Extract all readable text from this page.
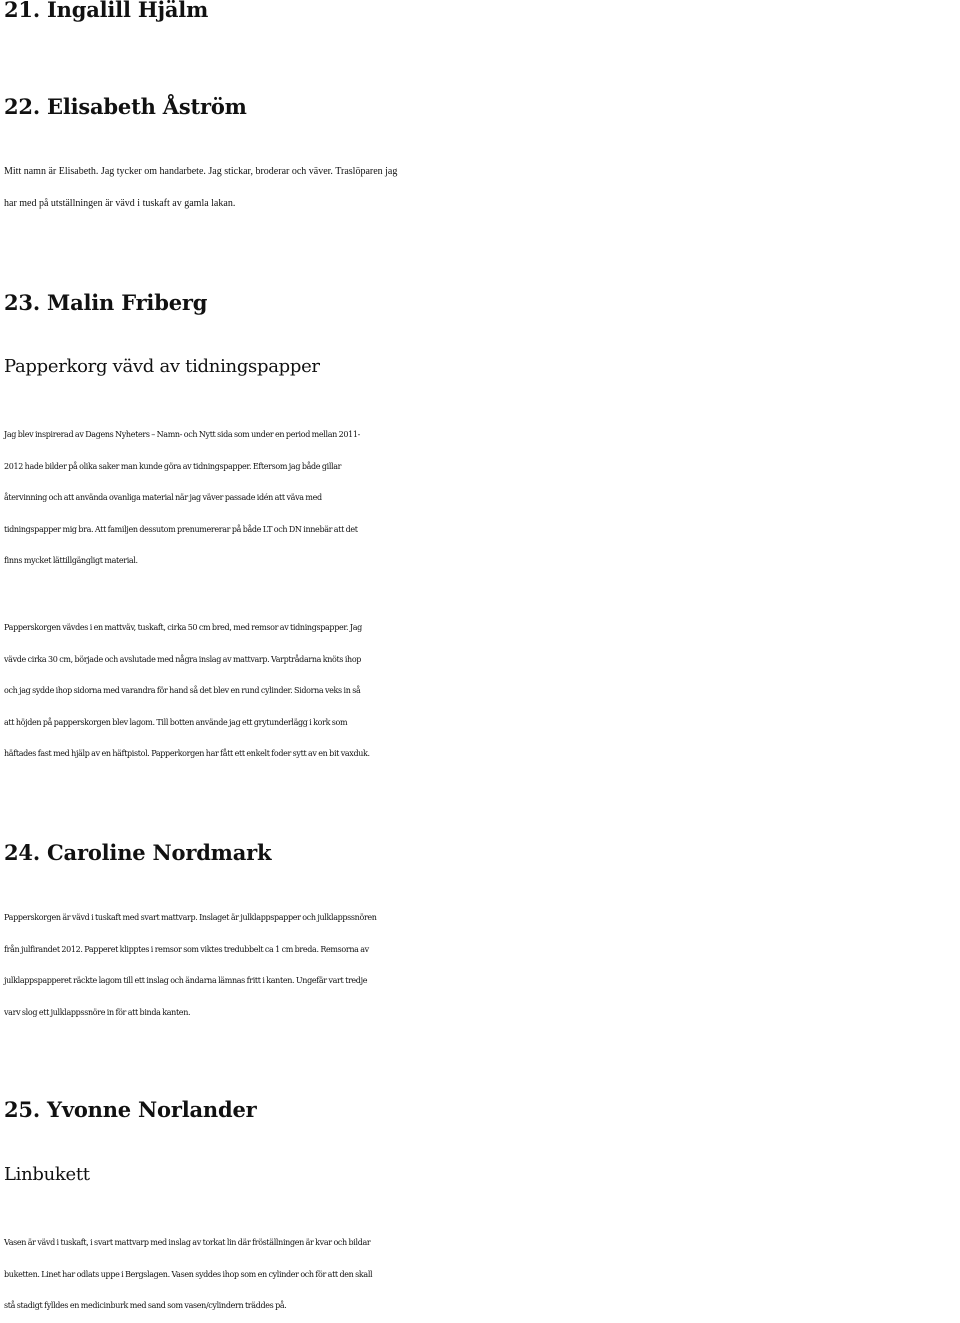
21. Ingalill Hjälm
22. Elisabeth Åström

Mitt namn är Elisabeth. Jag tycker om handarbete. Jag stickar, broderar och väver. Traslöparen jag
har med på utställningen är vävd i tuskaft av gamla lakan.

23. Malin Friberg

Papperkorg vävd av tidningspapper

Jag blev inspirerad av Dagens Nyheters – Namn- och Nytt sida som under en period mellan 2011-
2012 hade bilder på olika saker man kunde göra av tidningspapper. Eftersom jag både gillar
återvinning och att använda ovanliga material när jag väver passade idén att väva med
tidningspapper mig bra. Att familjen dessutom prenumererar på både LT och DN innebär att det
finns mycket lättillgängligt material.

Papperskorgen vävdes i en mattväv, tuskaft, cirka 50 cm bred, med remsor av tidningspapper. Jag
vävde cirka 30 cm, började och avslutade med några inslag av mattvarp. Varptrådarna knöts ihop
och jag sydde ihop sidorna med varandra för hand så det blev en rund cylinder. Sidorna veks in så
att höjden på papperskorgen blev lagom. Till botten använde jag ett grytunderlägg i kork som
häftades fast med hjälp av en häftpistol. Papperkorgen har fått ett enkelt foder sytt av en bit vaxduk.

24. Caroline Nordmark

Papperskorgen är vävd i tuskaft med svart mattvarp. Inslaget är julklappspapper och julklappssnören
från julfirandet 2012. Papperet klipptes i remsor som viktes tredubbelt ca 1 cm breda. Remsorna av
julklappspapperet räckte lagom till ett inslag och ändarna lämnas fritt i kanten. Ungefär vart tredje
varv slog ett julklappssnöre in för att binda kanten.

25. Yvonne Norlander

Linbukett

Vasen är vävd i tuskaft, i svart mattvarp med inslag av torkat lin där fröställningen är kvar och bildar
buketten. Linet har odlats uppe i Bergslagen. Vasen syddes ihop som en cylinder och för att den skall
stå stadigt fylldes en medicinburk med sand som vasen/cylindern träddes på.
